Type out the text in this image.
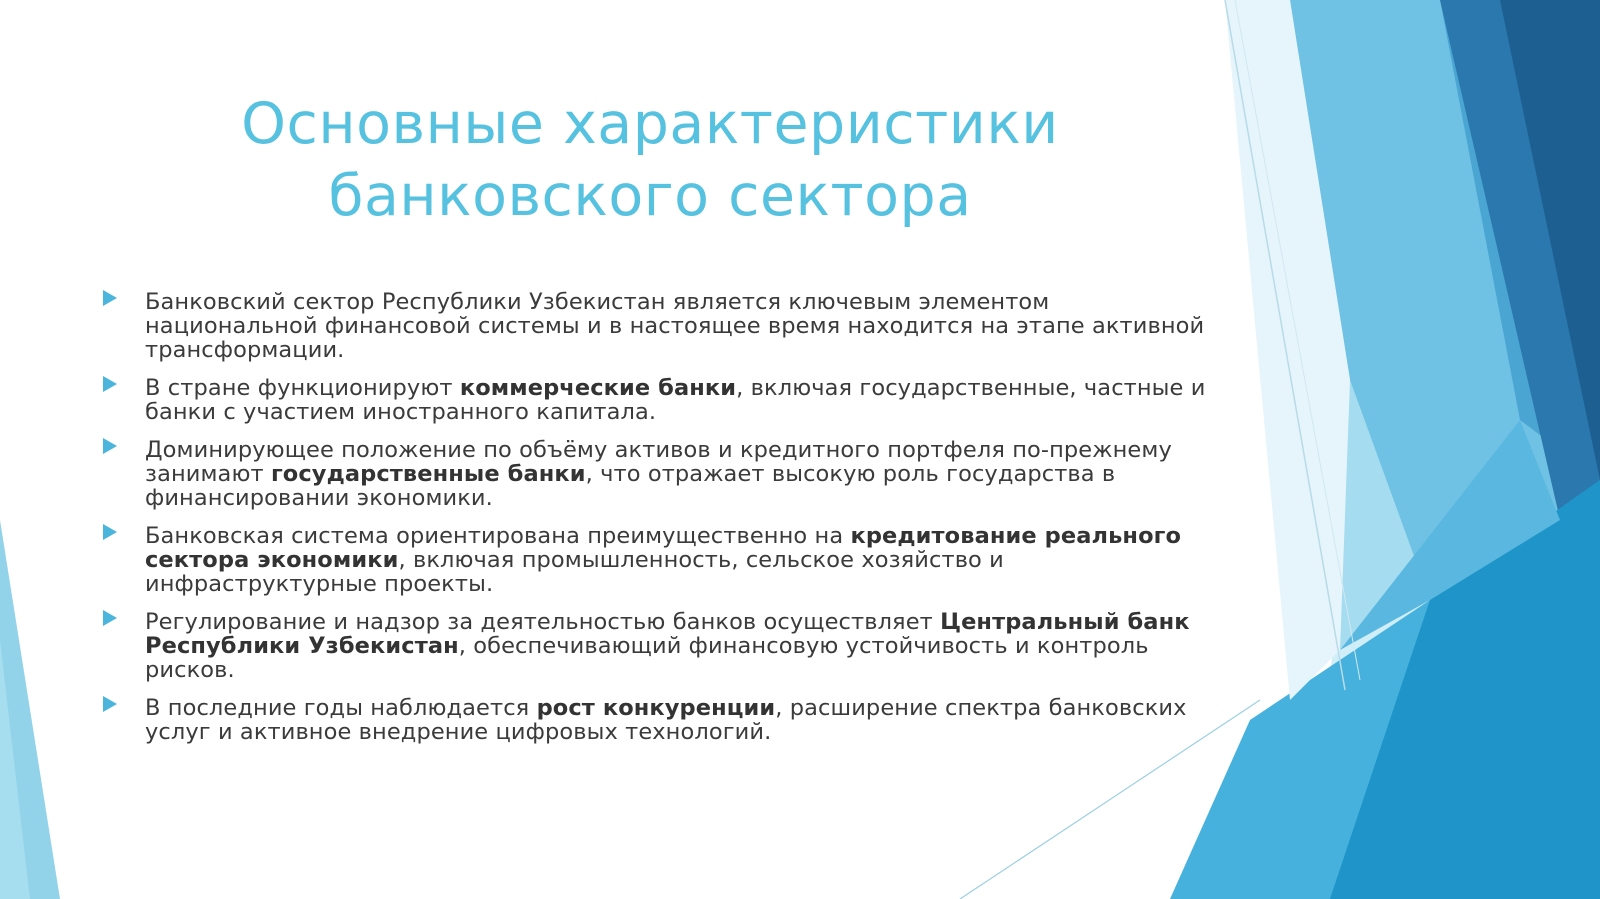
Основные характеристики
банковского сектора
Банковский сектор Республики Узбекистан является ключевым элементом национальной финансовой системы и в настоящее время находится на этапе активной трансформации.
В стране функционируют коммерческие банки, включая государственные, частные и банки с участием иностранного капитала.
Доминирующее положение по объёму активов и кредитного портфеля по-прежнему занимают государственные банки, что отражает высокую роль государства в финансировании экономики.
Банковская система ориентирована преимущественно на кредитование реального сектора экономики, включая промышленность, сельское хозяйство и инфраструктурные проекты.
Регулирование и надзор за деятельностью банков осуществляет Центральный банк Республики Узбекистан, обеспечивающий финансовую устойчивость и контроль рисков.
В последние годы наблюдается рост конкуренции, расширение спектра банковских услуг и активное внедрение цифровых технологий.
